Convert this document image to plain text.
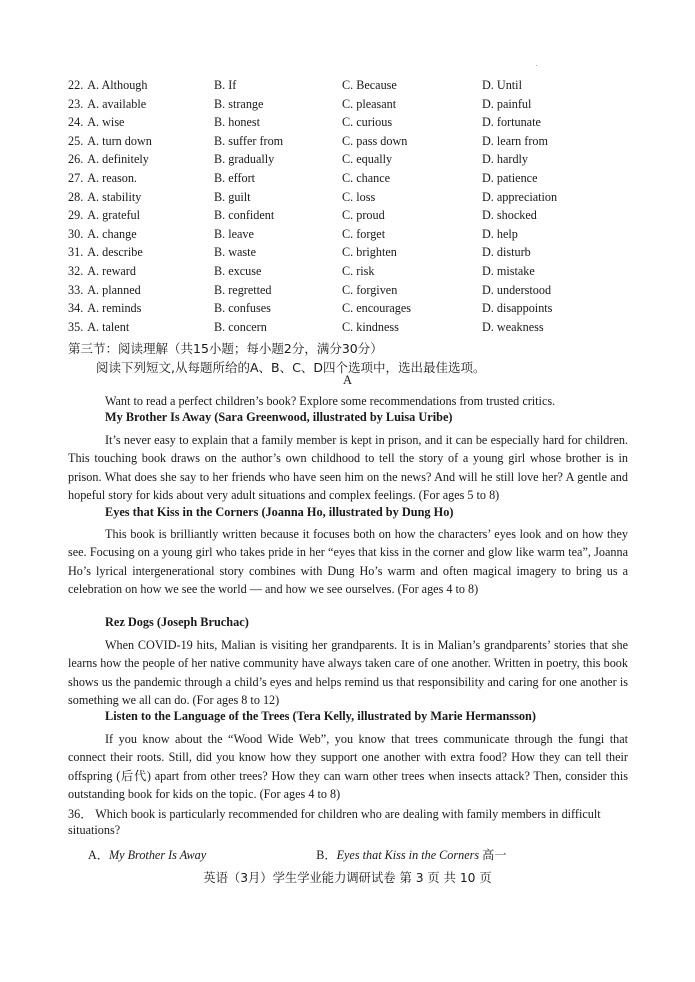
.
22. A. Although	B. If	C. Because	D. Until
23. A. available	B. strange	C. pleasant	D. painful
24. A. wise	B. honest	C. curious	D. fortunate
25. A. turn down	B. suffer from	C. pass down	D. learn from
26. A. definitely	B. gradually	C. equally	D. hardly
27. A. reason.	B. effort	C. chance	D. patience
28. A. stability	B. guilt	C. loss	D. appreciation
29. A. grateful	B. confident	C. proud	D. shocked
30. A. change	B. leave	C. forget	D. help
31. A. describe	B. waste	C. brighten	D. disturb
32. A. reward	B. excuse	C. risk	D. mistake
33. A. planned	B. regretted	C. forgiven	D. understood
34. A. reminds	B. confuses	C. encourages	D. disappoints
35. A. talent	B. concern	C. kindness	D. weakness
第三节：阅读理解（共15小题；每小题2分，满分30分）
阅读下列短文,从每题所给的A、B、C、D四个选项中，选出最佳选项。
A
Want to read a perfect children’s book? Explore some recommendations from trusted critics.
My Brother Is Away (Sara Greenwood, illustrated by Luisa Uribe)
It’s never easy to explain that a family member is kept in prison, and it can be especially hard for children. This touching book draws on the author’s own childhood to tell the story of a young girl whose brother is in prison. What does she say to her friends who have seen him on the news? And will he still love her? A gentle and hopeful story for kids about very adult situations and complex feelings. (For ages 5 to 8)
Eyes that Kiss in the Corners (Joanna Ho, illustrated by Dung Ho)
This book is brilliantly written because it focuses both on how the characters’ eyes look and on how they see. Focusing on a young girl who takes pride in her “eyes that kiss in the corner and glow like warm tea”, Joanna Ho’s lyrical intergenerational story combines with Dung Ho’s warm and often magical imagery to bring us a celebration on how we see the world — and how we see ourselves. (For ages 4 to 8)
Rez Dogs (Joseph Bruchac)
When COVID-19 hits, Malian is visiting her grandparents. It is in Malian’s grandparents’ stories that she learns how the people of her native community have always taken care of one another. Written in poetry, this book shows us the pandemic through a child’s eyes and helps remind us that responsibility and caring for one another is something we all can do. (For ages 8 to 12)
Listen to the Language of the Trees (Tera Kelly, illustrated by Marie Hermansson)
If you know about the “Wood Wide Web”, you know that trees communicate through the fungi that connect their roots. Still, did you know how they support one another with extra food? How they can tell their offspring (后代) apart from other trees? How they can warn other trees when insects attack? Then, consider this outstanding book for kids on the topic. (For ages 4 to 8)
36． Which book is particularly recommended for children who are dealing with family members in difficult situations?
A．My Brother Is Away	B．Eyes that Kiss in the Corners 高一
英语（3月）学生学业能力调研试卷 第 3 页 共 10 页
